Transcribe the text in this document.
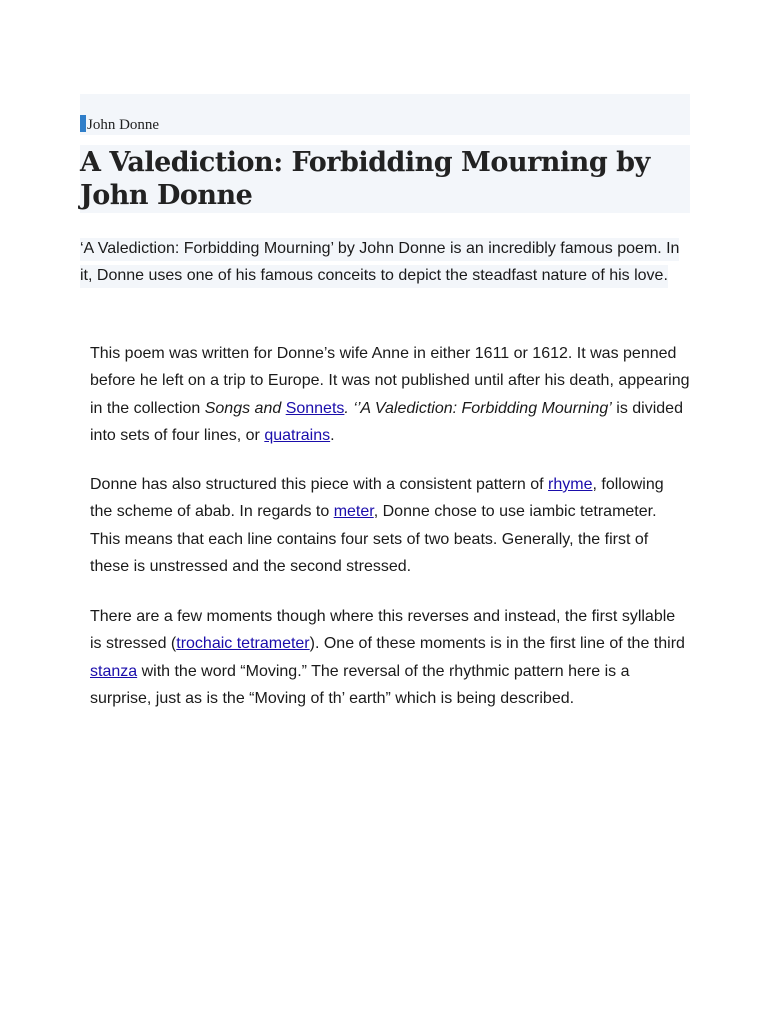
John Donne
A Valediction: Forbidding Mourning by John Donne

‘A Valediction: Forbidding Mourning’ by John Donne is an incredibly famous poem. In it, Donne uses one of his famous conceits to depict the steadfast nature of his love.

This poem was written for Donne’s wife Anne in either 1611 or 1612. It was penned before he left on a trip to Europe. It was not published until after his death, appearing in the collection Songs and Sonnets. ‘’A Valediction: Forbidding Mourning’ is divided into sets of four lines, or quatrains.

Donne has also structured this piece with a consistent pattern of rhyme, following the scheme of abab. In regards to meter, Donne chose to use iambic tetrameter. This means that each line contains four sets of two beats. Generally, the first of these is unstressed and the second stressed.

There are a few moments though where this reverses and instead, the first syllable is stressed (trochaic tetrameter). One of these moments is in the first line of the third stanza with the word “Moving.” The reversal of the rhythmic pattern here is a surprise, just as is the “Moving of th’ earth” which is being described.
